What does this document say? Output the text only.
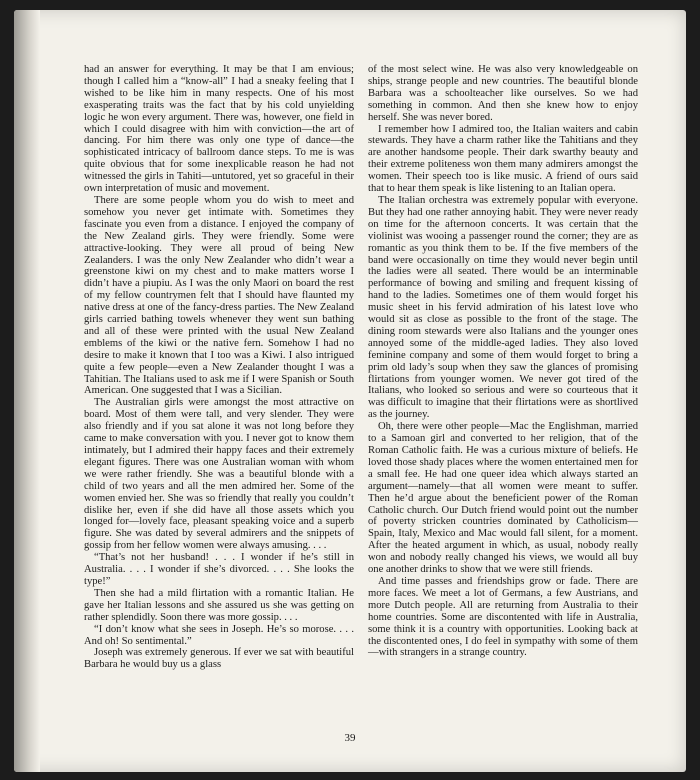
had an answer for everything. It may be that I am envious; though I called him a “know-all” I had a sneaky feeling that I wished to be like him in many respects. One of his most exasperating traits was the fact that by his cold unyielding logic he won every argument. There was, however, one field in which I could disagree with him with conviction—the art of dancing. For him there was only one type of dance—the sophisticated intricacy of ballroom dance steps. To me is was quite obvious that for some inexplicable reason he had not witnessed the girls in Tahiti—untutored, yet so graceful in their own interpretation of music and movement.

There are some people whom you do wish to meet and somehow you never get intimate with. Sometimes they fascinate you even from a distance. I enjoyed the company of the New Zealand girls. They were friendly. Some were attractive-looking. They were all proud of being New Zealanders. I was the only New Zealander who didn’t wear a greenstone kiwi on my chest and to make matters worse I didn’t have a piupiu. As I was the only Maori on board the rest of my fellow countrymen felt that I should have flaunted my native dress at one of the fancy-dress parties. The New Zealand girls carried bathing towels whenever they went sun bathing and all of these were printed with the usual New Zealand emblems of the kiwi or the native fern. Somehow I had no desire to make it known that I too was a Kiwi. I also intrigued quite a few people—even a New Zealander thought I was a Tahitian. The Italians used to ask me if I were Spanish or South American. One suggested that I was a Sicilian.

The Australian girls were amongst the most attractive on board. Most of them were tall, and very slender. They were also friendly and if you sat alone it was not long before they came to make conversation with you. I never got to know them intimately, but I admired their happy faces and their extremely elegant figures. There was one Australian woman with whom we were rather friendly. She was a beautiful blonde with a child of two years and all the men admired her. Some of the women envied her. She was so friendly that really you couldn’t dislike her, even if she did have all those assets which you longed for—lovely face, pleasant speaking voice and a superb figure. She was dated by several admirers and the snippets of gossip from her fellow women were always amusing. . . .

“That’s not her husband! . . . I wonder if he’s still in Australia. . . . I wonder if she’s divorced. . . . She looks the type!”

Then she had a mild flirtation with a romantic Italian. He gave her Italian lessons and she assured us she was getting on rather splendidly. Soon there was more gossip. . . .

“I don’t know what she sees in Joseph. He’s so morose. . . . And oh! So sentimental.”

Joseph was extremely generous. If ever we sat with beautiful Barbara he would buy us a glass

of the most select wine. He was also very knowledgeable on ships, strange people and new countries. The beautiful blonde Barbara was a schoolteacher like ourselves. So we had something in common. And then she knew how to enjoy herself. She was never bored.

I remember how I admired too, the Italian waiters and cabin stewards. They have a charm rather like the Tahitians and they are another handsome people. Their dark swarthy beauty and their extreme politeness won them many admirers amongst the women. Their speech too is like music. A friend of ours said that to hear them speak is like listening to an Italian opera.

The Italian orchestra was extremely popular with everyone. But they had one rather annoying habit. They were never ready on time for the afternoon concerts. It was certain that the violinist was wooing a passenger round the corner; they are as romantic as you think them to be. If the five members of the band were occasionally on time they would never begin until the ladies were all seated. There would be an interminable performance of bowing and smiling and frequent kissing of hand to the ladies. Sometimes one of them would forget his music sheet in his fervid admiration of his latest love who would sit as close as possible to the front of the stage. The dining room stewards were also Italians and the younger ones annoyed some of the middle-aged ladies. They also loved feminine company and some of them would forget to bring a prim old lady’s soup when they saw the glances of promising flirtations from younger women. We never got tired of the Italians, who looked so serious and were so courteous that it was difficult to imagine that their flirtations were as shortlived as the journey.

Oh, there were other people—Mac the Englishman, married to a Samoan girl and converted to her religion, that of the Roman Catholic faith. He was a curious mixture of beliefs. He loved those shady places where the women entertained men for a small fee. He had one queer idea which always started an argument—namely—that all women were meant to suffer. Then he’d argue about the beneficient power of the Roman Catholic church. Our Dutch friend would point out the number of poverty stricken countries dominated by Catholicism—Spain, Italy, Mexico and Mac would fall silent, for a moment. After the heated argument in which, as usual, nobody really won and nobody really changed his views, we would all buy one another drinks to show that we were still friends.

And time passes and friendships grow or fade. There are more faces. We meet a lot of Germans, a few Austrians, and more Dutch people. All are returning from Australia to their home countries. Some are discontented with life in Australia, some think it is a country with opportunities. Looking back at the discontented ones, I do feel in sympathy with some of them—with strangers in a strange country.

39
